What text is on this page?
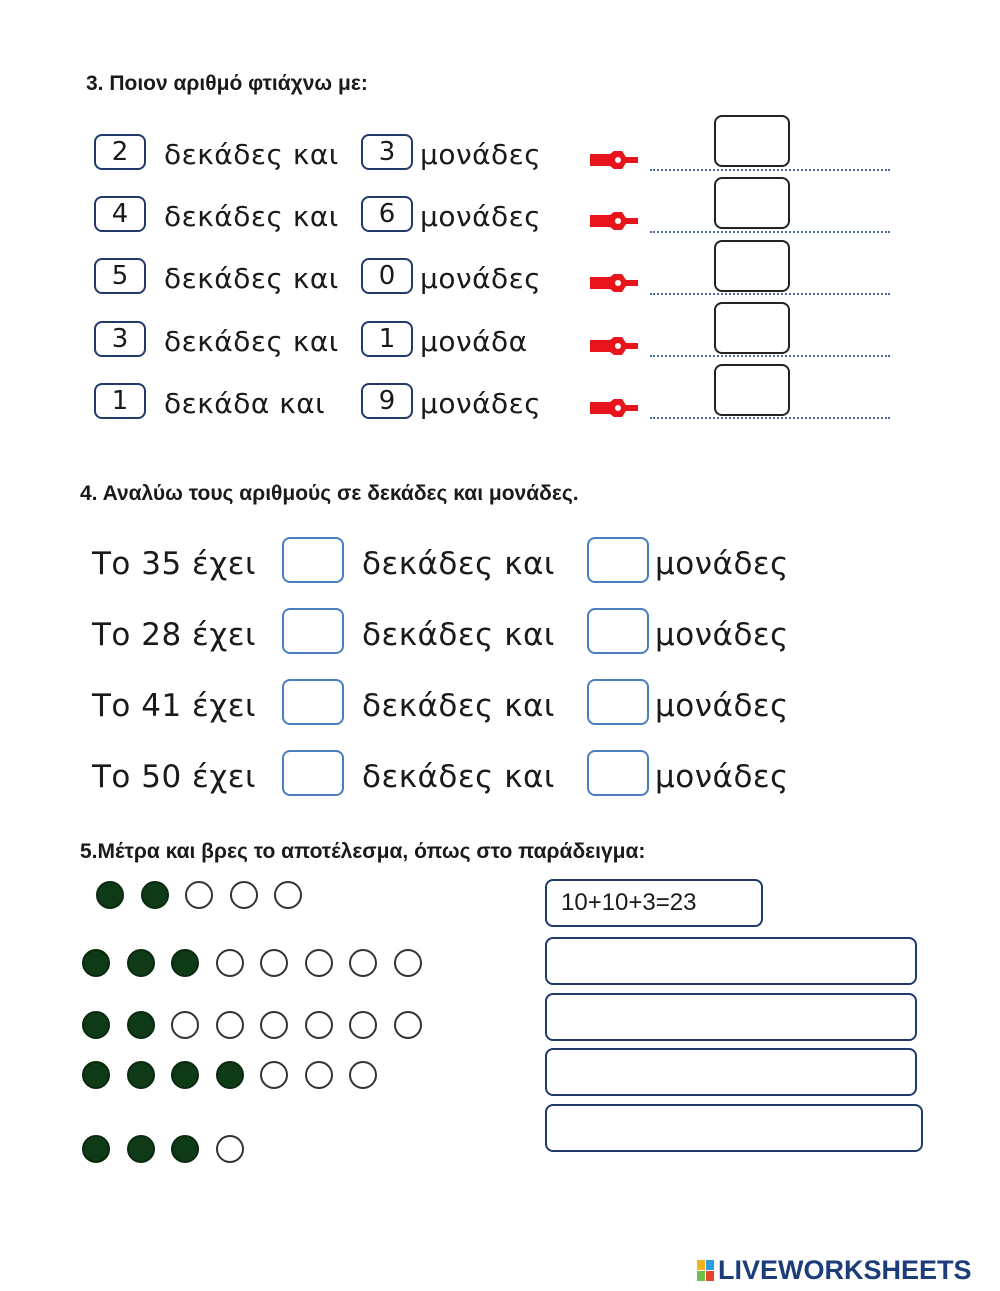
3. Ποιον αριθμό φτιάχνω με:
2	δεκάδες και	3 μονάδες
4	δεκάδες και	6 μονάδες
5	δεκάδες και	0 μονάδες
3	δεκάδες και	1 μονάδα
1	δεκάδα και	9 μονάδες
4. Αναλύω τους αριθμούς σε δεκάδες και μονάδες.
Το 35 έχει	δεκάδες και	μονάδες
Το 28 έχει	δεκάδες και	μονάδες
Το 41 έχει	δεκάδες και	μονάδες
Το 50 έχει	δεκάδες και	μονάδες
5.Μέτρα και βρες το αποτέλεσμα, όπως στο παράδειγμα:
10+10+3=23
LIVEWORKSHEETS
